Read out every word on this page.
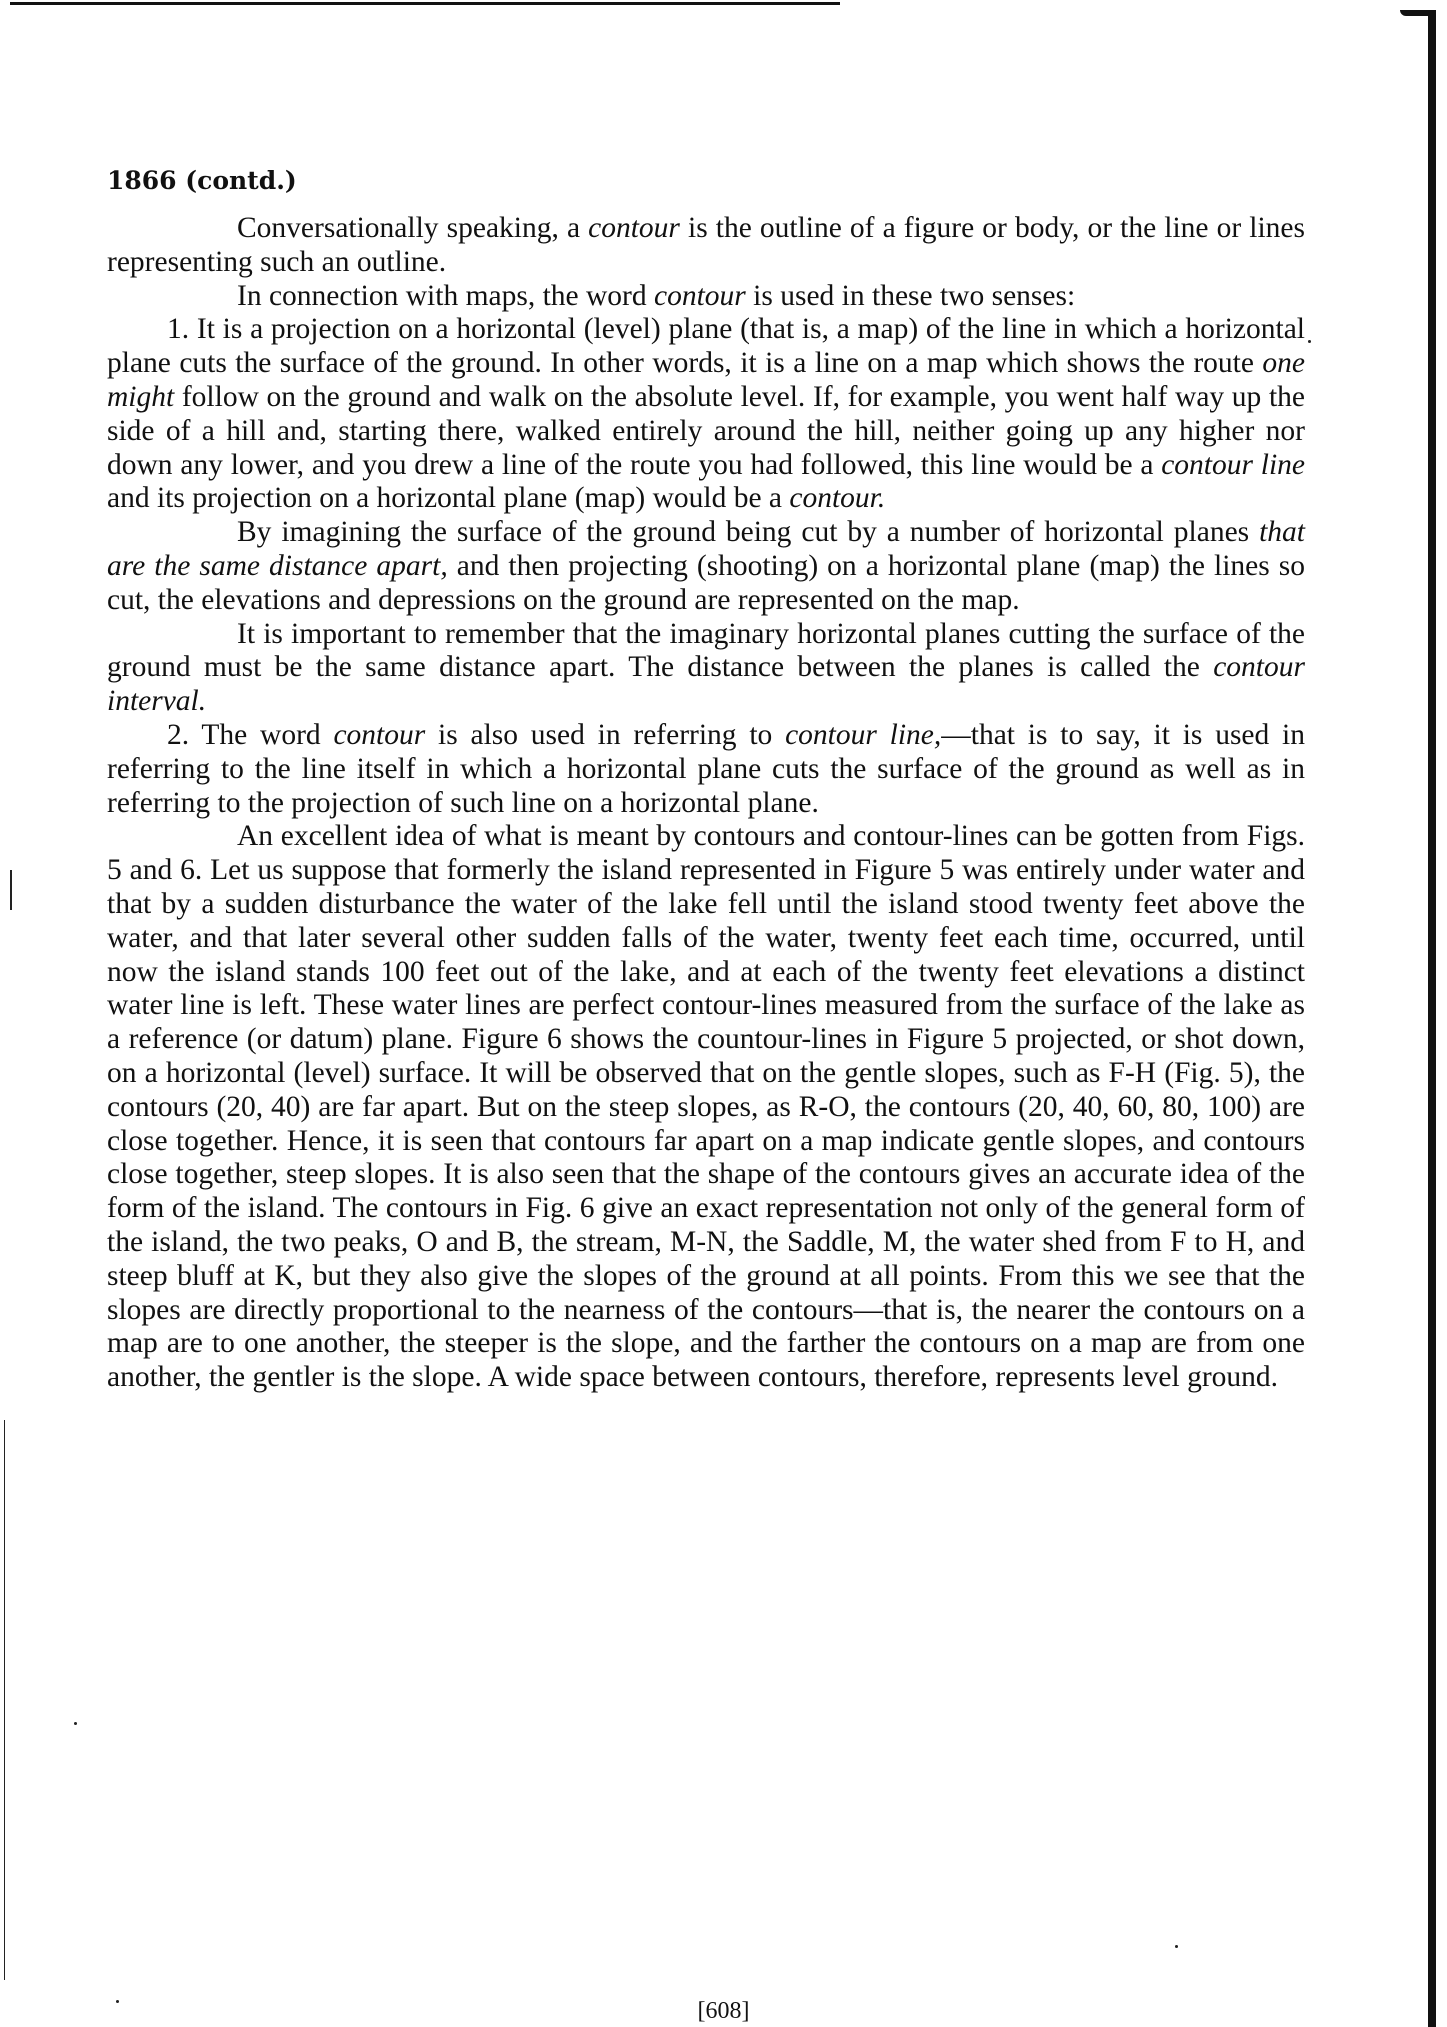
1866 (contd.)

Conversationally speaking, a contour is the outline of a figure or body, or the line or lines representing such an outline.

In connection with maps, the word contour is used in these two senses:

1. It is a projection on a horizontal (level) plane (that is, a map) of the line in which a horizontal plane cuts the surface of the ground. In other words, it is a line on a map which shows the route one might follow on the ground and walk on the absolute level. If, for example, you went half way up the side of a hill and, starting there, walked entirely around the hill, neither going up any higher nor down any lower, and you drew a line of the route you had followed, this line would be a contour line and its projection on a horizontal plane (map) would be a contour.

By imagining the surface of the ground being cut by a number of horizontal planes that are the same distance apart, and then projecting (shooting) on a horizontal plane (map) the lines so cut, the elevations and depressions on the ground are represented on the map.

It is important to remember that the imaginary horizontal planes cutting the surface of the ground must be the same distance apart. The distance between the planes is called the contour interval.

2. The word contour is also used in referring to contour line,—that is to say, it is used in referring to the line itself in which a horizontal plane cuts the surface of the ground as well as in referring to the projection of such line on a horizontal plane.

An excellent idea of what is meant by contours and contour-lines can be gotten from Figs. 5 and 6. Let us suppose that formerly the island represented in Figure 5 was entirely under water and that by a sudden disturbance the water of the lake fell until the island stood twenty feet above the water, and that later several other sudden falls of the water, twenty feet each time, occurred, until now the island stands 100 feet out of the lake, and at each of the twenty feet elevations a distinct water line is left. These water lines are perfect contour-lines measured from the surface of the lake as a reference (or datum) plane. Figure 6 shows the countour-lines in Figure 5 projected, or shot down, on a horizontal (level) surface. It will be observed that on the gentle slopes, such as F-H (Fig. 5), the contours (20, 40) are far apart. But on the steep slopes, as R-O, the contours (20, 40, 60, 80, 100) are close together. Hence, it is seen that contours far apart on a map indicate gentle slopes, and contours close together, steep slopes. It is also seen that the shape of the contours gives an accurate idea of the form of the island. The contours in Fig. 6 give an exact representation not only of the general form of the island, the two peaks, O and B, the stream, M-N, the Saddle, M, the water shed from F to H, and steep bluff at K, but they also give the slopes of the ground at all points. From this we see that the slopes are directly proportional to the nearness of the contours—that is, the nearer the contours on a map are to one another, the steeper is the slope, and the farther the contours on a map are from one another, the gentler is the slope. A wide space between contours, therefore, represents level ground.

[608]
